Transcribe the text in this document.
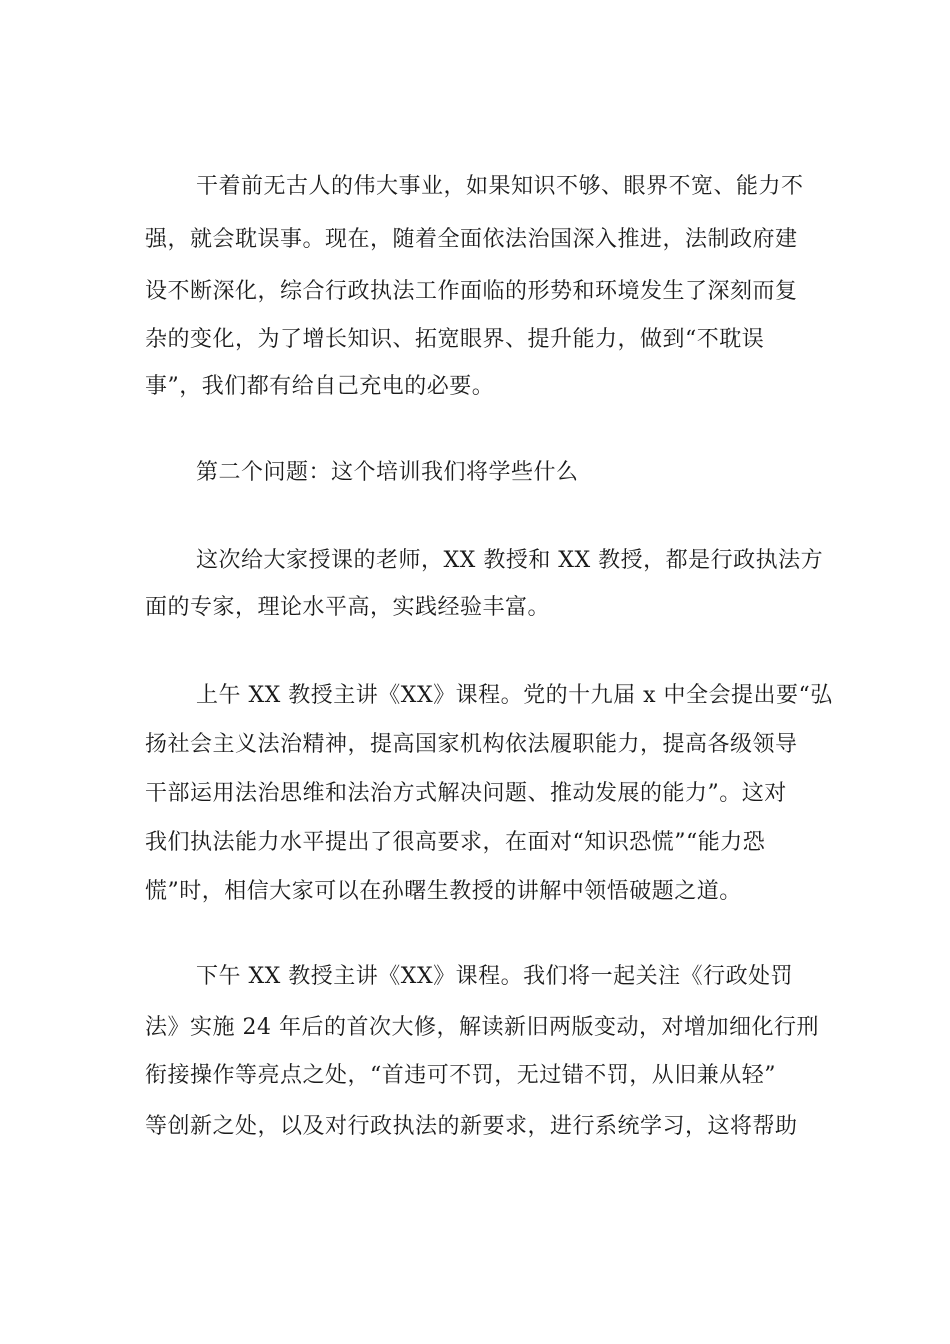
干着前无古人的伟大事业，如果知识不够、眼界不宽、能力不
强，就会耽误事。现在，随着全面依法治国深入推进，法制政府建
设不断深化，综合行政执法工作面临的形势和环境发生了深刻而复
杂的变化，为了增长知识、拓宽眼界、提升能力，做到“不耽误
事”，我们都有给自己充电的必要。
第二个问题：这个培训我们将学些什么
这次给大家授课的老师，XX 教授和 XX 教授，都是行政执法方
面的专家，理论水平高，实践经验丰富。
上午 XX 教授主讲《XX》课程。党的十九届 x 中全会提出要“弘
扬社会主义法治精神，提高国家机构依法履职能力，提高各级领导
干部运用法治思维和法治方式解决问题、推动发展的能力”。这对
我们执法能力水平提出了很高要求，在面对“知识恐慌”“能力恐
慌”时，相信大家可以在孙曙生教授的讲解中领悟破题之道。
下午 XX 教授主讲《XX》课程。我们将一起关注《行政处罚
法》实施 24 年后的首次大修，解读新旧两版变动，对增加细化行刑
衔接操作等亮点之处，“首违可不罚，无过错不罚，从旧兼从轻”
等创新之处，以及对行政执法的新要求，进行系统学习，这将帮助
